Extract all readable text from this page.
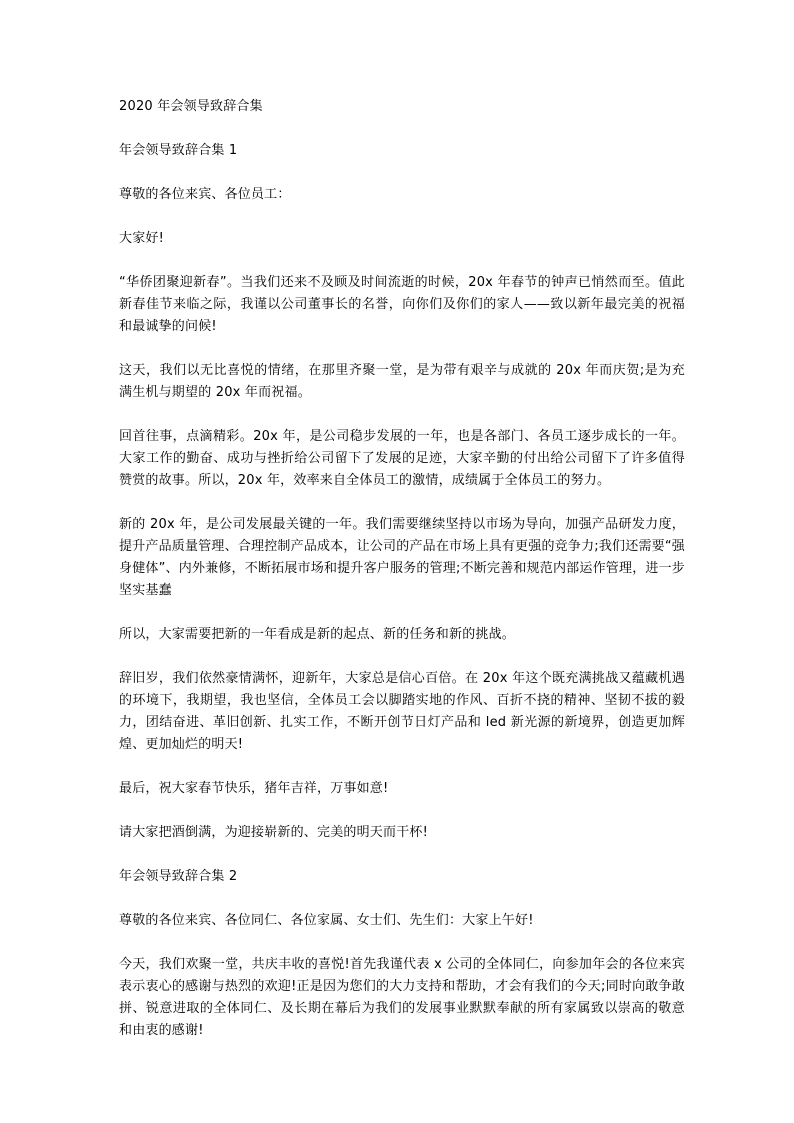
2020 年会领导致辞合集

年会领导致辞合集 1

尊敬的各位来宾、各位员工：

大家好!

“华侨团聚迎新春”。当我们还来不及顾及时间流逝的时候，20x 年春节的钟声已悄然而至。值此新春佳节来临之际，我谨以公司董事长的名誉，向你们及你们的家人——致以新年最完美的祝福和最诚挚的问候!

这天，我们以无比喜悦的情绪，在那里齐聚一堂，是为带有艰辛与成就的 20x 年而庆贺;是为充满生机与期望的 20x 年而祝福。

回首往事，点滴精彩。20x 年，是公司稳步发展的一年，也是各部门、各员工逐步成长的一年。大家工作的勤奋、成功与挫折给公司留下了发展的足迹，大家辛勤的付出给公司留下了许多值得赞赏的故事。所以，20x 年，效率来自全体员工的激情，成绩属于全体员工的努力。

新的 20x 年，是公司发展最关键的一年。我们需要继续坚持以市场为导向，加强产品研发力度，提升产品质量管理、合理控制产品成本，让公司的产品在市场上具有更强的竞争力;我们还需要“强身健体”、内外兼修，不断拓展市场和提升客户服务的管理;不断完善和规范内部运作管理，进一步坚实基蠢

所以，大家需要把新的一年看成是新的起点、新的任务和新的挑战。

辞旧岁，我们依然豪情满怀，迎新年，大家总是信心百倍。在 20x 年这个既充满挑战又蕴藏机遇的环境下，我期望，我也坚信，全体员工会以脚踏实地的作风、百折不挠的精神、坚韧不拔的毅力，团结奋进、革旧创新、扎实工作，不断开创节日灯产品和 led 新光源的新境界，创造更加辉煌、更加灿烂的明天!

最后，祝大家春节快乐，猪年吉祥，万事如意!

请大家把酒倒满，为迎接崭新的、完美的明天而干杯!

年会领导致辞合集 2

尊敬的各位来宾、各位同仁、各位家属、女士们、先生们：大家上午好!

今天，我们欢聚一堂，共庆丰收的喜悦!首先我谨代表 x 公司的全体同仁，向参加年会的各位来宾表示衷心的感谢与热烈的欢迎!正是因为您们的大力支持和帮助，才会有我们的今天;同时向敢争敢拼、锐意进取的全体同仁、及长期在幕后为我们的发展事业默默奉献的所有家属致以崇高的敬意和由衷的感谢!
